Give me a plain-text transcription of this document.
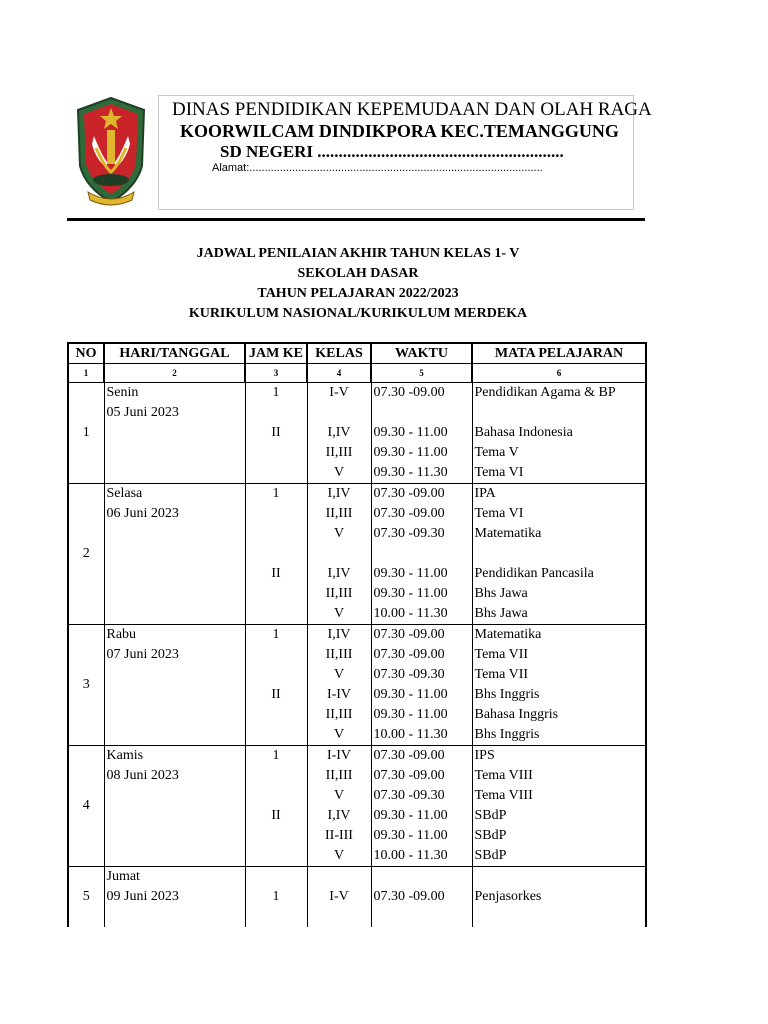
DINAS PENDIDIKAN KEPEMUDAAN DAN OLAH RAGA
KOORWILCAM DINDIKPORA KEC.TEMANGGUNG
SD NEGERI ..........................................................
Alamat:................................................................................................
JADWAL PENILAIAN AKHIR TAHUN KELAS 1- V
SEKOLAH DASAR
TAHUN PELAJARAN 2022/2023
KURIKULUM NASIONAL/KURIKULUM MERDEKA
NO	HARI/TANGGAL	JAM KE	KELAS	WAKTU	MATA PELAJARAN
1	2	3	4	5	6
1	Senin	1	I-V	07.30 -09.00	Pendidikan Agama & BP

	05 Juni 2023				

		II	I,IV	09.30 - 11.00	Bahasa Indonesia

			II,III	09.30 - 11.00	Tema V

			V	09.30 - 11.30	Tema VI

2	Selasa	1	I,IV	07.30 -09.00	IPA

	06 Juni 2023		II,III	07.30 -09.00	Tema VI

			V	07.30 -09.30	Matematika

		II	I,IV	09.30 - 11.00	Pendidikan Pancasila

			II,III	09.30 - 11.00	Bhs Jawa

			V	10.00 - 11.30	Bhs Jawa

3	Rabu	1	I,IV	07.30 -09.00	Matematika

	07 Juni 2023		II,III	07.30 -09.00	Tema VII

			V	07.30 -09.30	Tema VII

		II	I-IV	09.30 - 11.00	Bhs Inggris

			II,III	09.30 - 11.00	Bahasa Inggris

			V	10.00 - 11.30	Bhs Inggris

4	Kamis	1	I-IV	07.30 -09.00	IPS

	08 Juni 2023		II,III	07.30 -09.00	Tema VIII

			V	07.30 -09.30	Tema VIII

		II	I,IV	09.30 - 11.00	SBdP

			II-III	09.30 - 11.00	SBdP

			V	10.00 - 11.30	SBdP

5	Jumat				

	09 Juni 2023	1	I-V	07.30 -09.00	Penjasorkes
